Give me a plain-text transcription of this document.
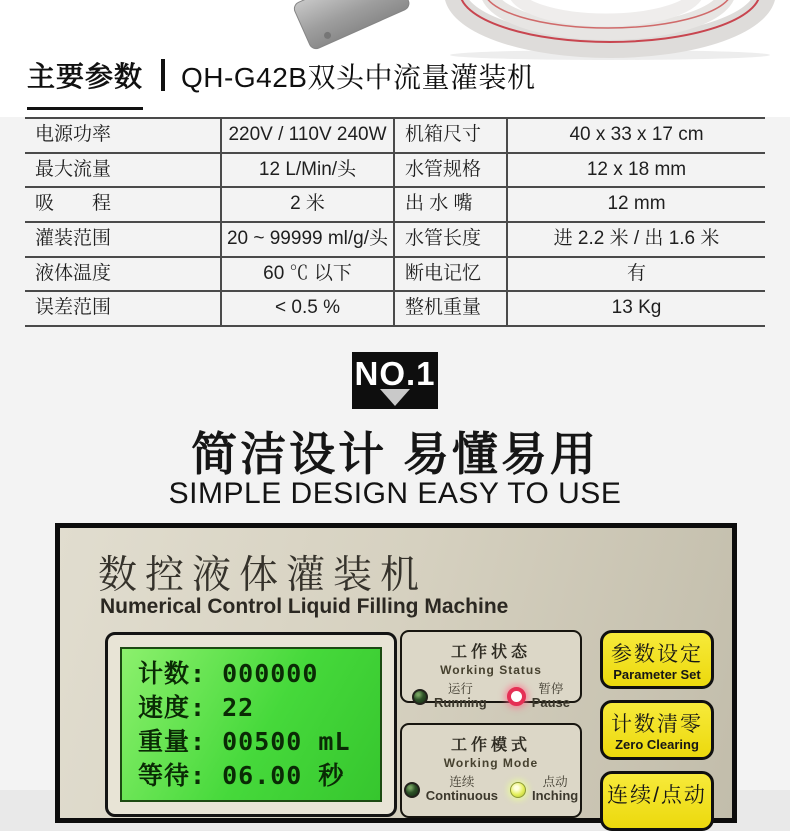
主要参数 QH-G42B双头中流量灌装机
电源功率	220V / 110V 240W 机箱尺寸	40 x 33 x 17 cm
最大流量	12 L/Min/头	水管规格	12 x 18 mm
吸　　程	2 米	出 水 嘴	12 mm
灌装范围	20 ~ 99999 ml/g/头 水管长度	进 2.2 米 / 出 1.6 米
液体温度	60 ℃ 以下	断电记忆	有
误差范围	< 0.5 %	整机重量	13 Kg
NO.1
简洁设计 易懂易用
SIMPLE DESIGN EASY TO USE
数控液体灌装机
Numerical Control Liquid Filling Machine
计数: 000000
速度: 22
重量: 00500 mL
等待: 06.00 秒
工作状态
Working Status
运行
Running
暂停
Pause
工作模式
Working Mode
连续
Continuous
点动
Inching
参数设定
Parameter Set
计数清零
Zero Clearing
连续/点动
